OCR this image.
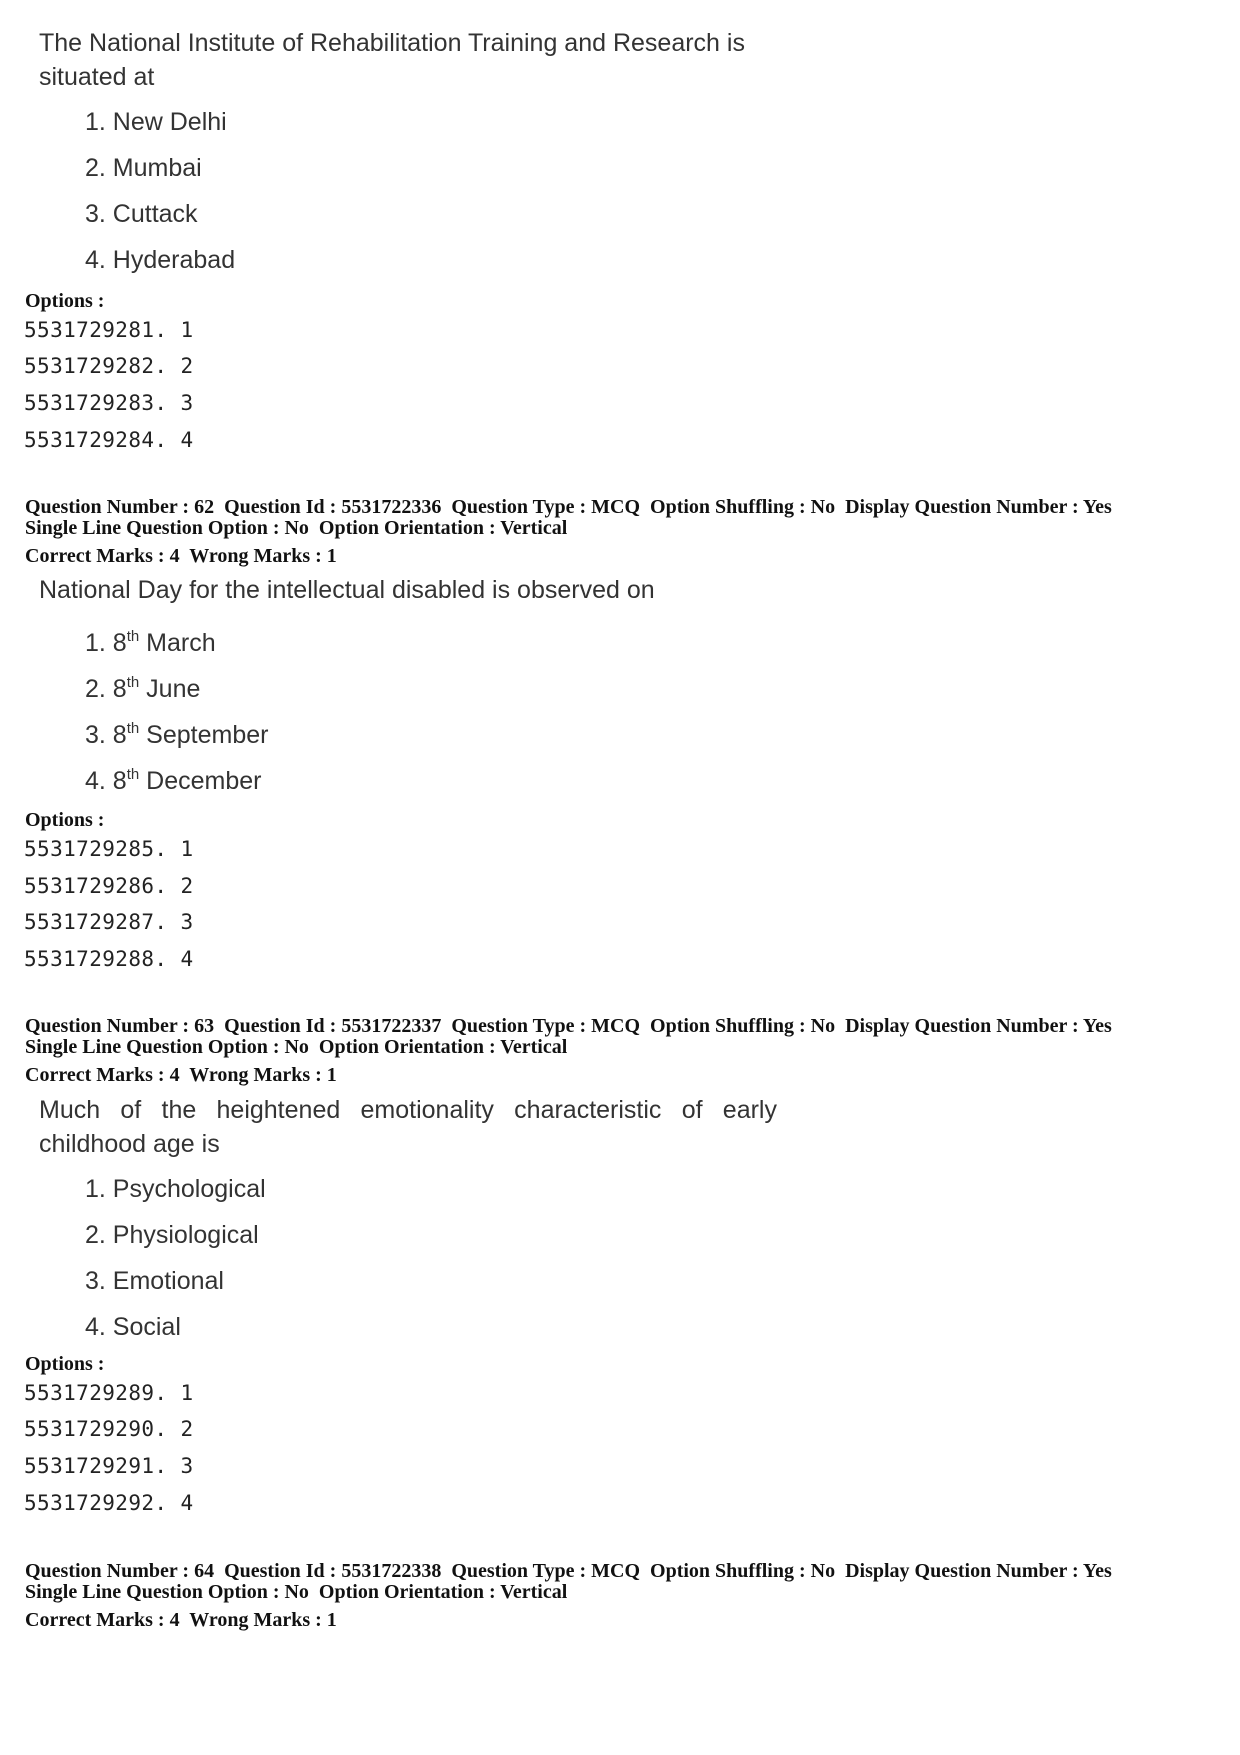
The National Institute of Rehabilitation Training and Research is
situated at
1. New Delhi
2. Mumbai
3. Cuttack
4. Hyderabad
Options :
5531729281. 1
5531729282. 2
5531729283. 3
5531729284. 4
Question Number : 62  Question Id : 5531722336  Question Type : MCQ  Option Shuffling : No  Display Question Number : Yes
Single Line Question Option : No  Option Orientation : Vertical
Correct Marks : 4  Wrong Marks : 1
National Day for the intellectual disabled is observed on
1. 8th March
2. 8th June
3. 8th September
4. 8th December
Options :
5531729285. 1
5531729286. 2
5531729287. 3
5531729288. 4
Question Number : 63  Question Id : 5531722337  Question Type : MCQ  Option Shuffling : No  Display Question Number : Yes
Single Line Question Option : No  Option Orientation : Vertical
Correct Marks : 4  Wrong Marks : 1
Much of the heightened emotionality characteristic of early
childhood age is
1. Psychological
2. Physiological
3. Emotional
4. Social
Options :
5531729289. 1
5531729290. 2
5531729291. 3
5531729292. 4
Question Number : 64  Question Id : 5531722338  Question Type : MCQ  Option Shuffling : No  Display Question Number : Yes
Single Line Question Option : No  Option Orientation : Vertical
Correct Marks : 4  Wrong Marks : 1
